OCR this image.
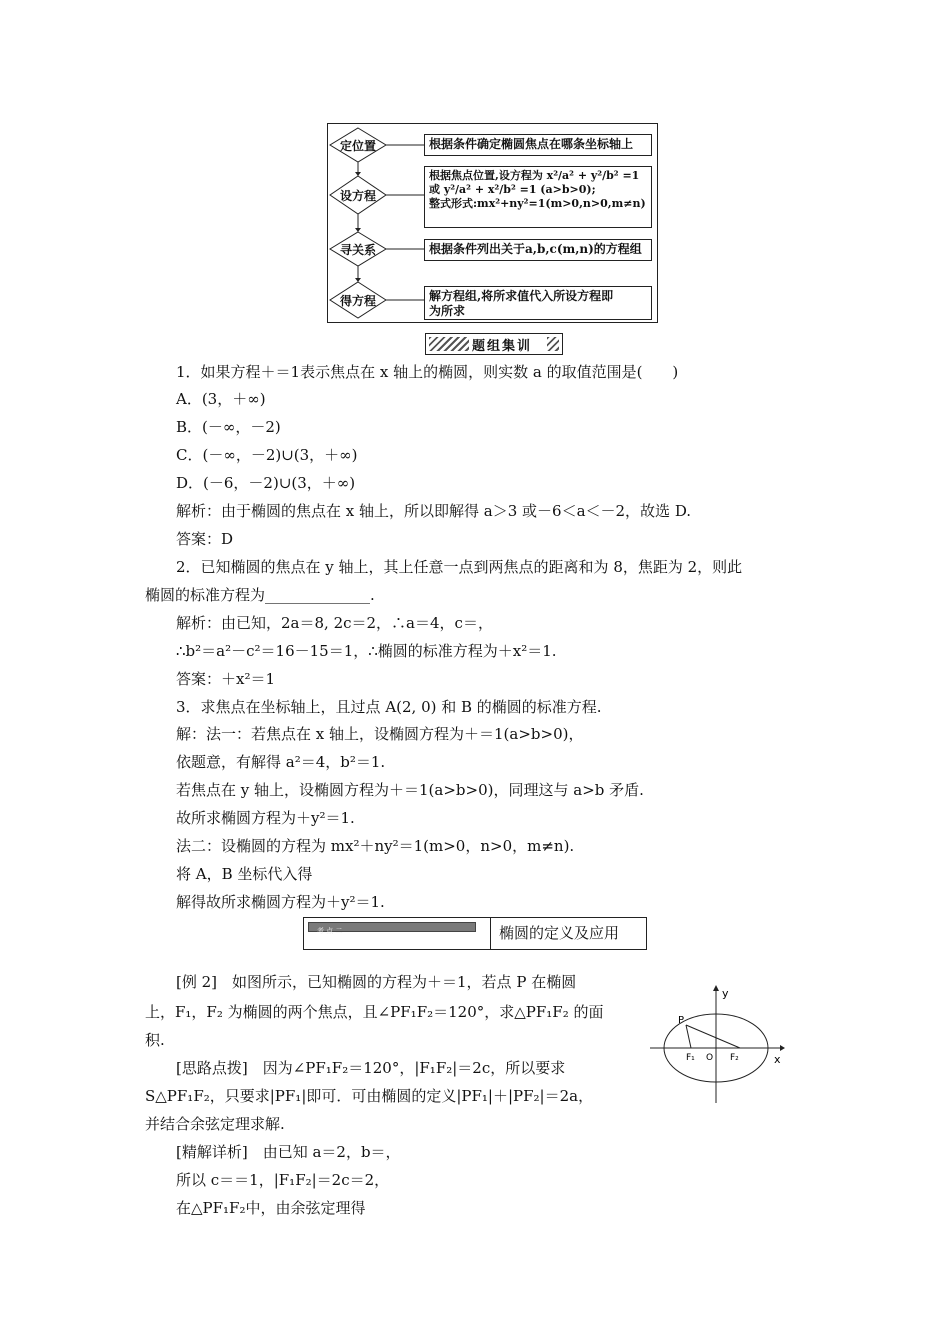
定位置
设方程
寻关系
得方程
根据条件确定椭圆焦点在哪条坐标轴上
根据焦点位置,设方程为 x²/a² + y²/b² =1
或 y²/a² + x²/b² =1 (a>b>0);
整式形式:mx²+ny²=1(m>0,n>0,m≠n)
根据条件列出关于a,b,c(m,n)的方程组
解方程组,将所求值代入所设方程即
为所求
题组集训
1．如果方程＋＝1表示焦点在 x 轴上的椭圆，则实数 a 的取值范围是(　　)
A．(3，＋∞)
B．(－∞，－2)
C．(－∞，－2)∪(3，＋∞)
D．(－6，－2)∪(3，＋∞)
解析：由于椭圆的焦点在 x 轴上，所以即解得 a＞3 或－6＜a＜－2，故选 D.
答案：D
2．已知椭圆的焦点在 y 轴上，其上任意一点到两焦点的距离和为 8，焦距为 2，则此
椭圆的标准方程为______________.
解析：由已知，2a＝8, 2c＝2，∴a＝4，c＝，
∴b²＝a²－c²＝16－15＝1，∴椭圆的标准方程为＋x²＝1.
答案：＋x²＝1
3．求焦点在坐标轴上，且过点 A(2, 0) 和 B 的椭圆的标准方程.
解：法一：若焦点在 x 轴上，设椭圆方程为＋＝1(a>b>0)，
依题意，有解得 a²＝4，b²＝1.
若焦点在 y 轴上，设椭圆方程为＋＝1(a>b>0)，同理这与 a>b 矛盾.
故所求椭圆方程为＋y²＝1.
法二：设椭圆的方程为 mx²＋ny²＝1(m>0，n>0，m≠n).
将 A，B 坐标代入得
解得故所求椭圆方程为＋y²＝1.
考 点 二	椭圆的定义及应用
[例 2]　如图所示，已知椭圆的方程为＋＝1，若点 P 在椭圆
上，F₁，F₂ 为椭圆的两个焦点，且∠PF₁F₂＝120°，求△PF₁F₂ 的面
积.
[思路点拨]　因为∠PF₁F₂＝120°，|F₁F₂|＝2c，所以要求
S△PF₁F₂，只要求|PF₁|即可．可由椭圆的定义|PF₁|＋|PF₂|＝2a，
并结合余弦定理求解.
[精解详析]　由已知 a＝2，b＝，
所以 c＝＝1，|F₁F₂|＝2c＝2，
在△PF₁F₂中，由余弦定理得
y
x
P
F₁ O F₂
